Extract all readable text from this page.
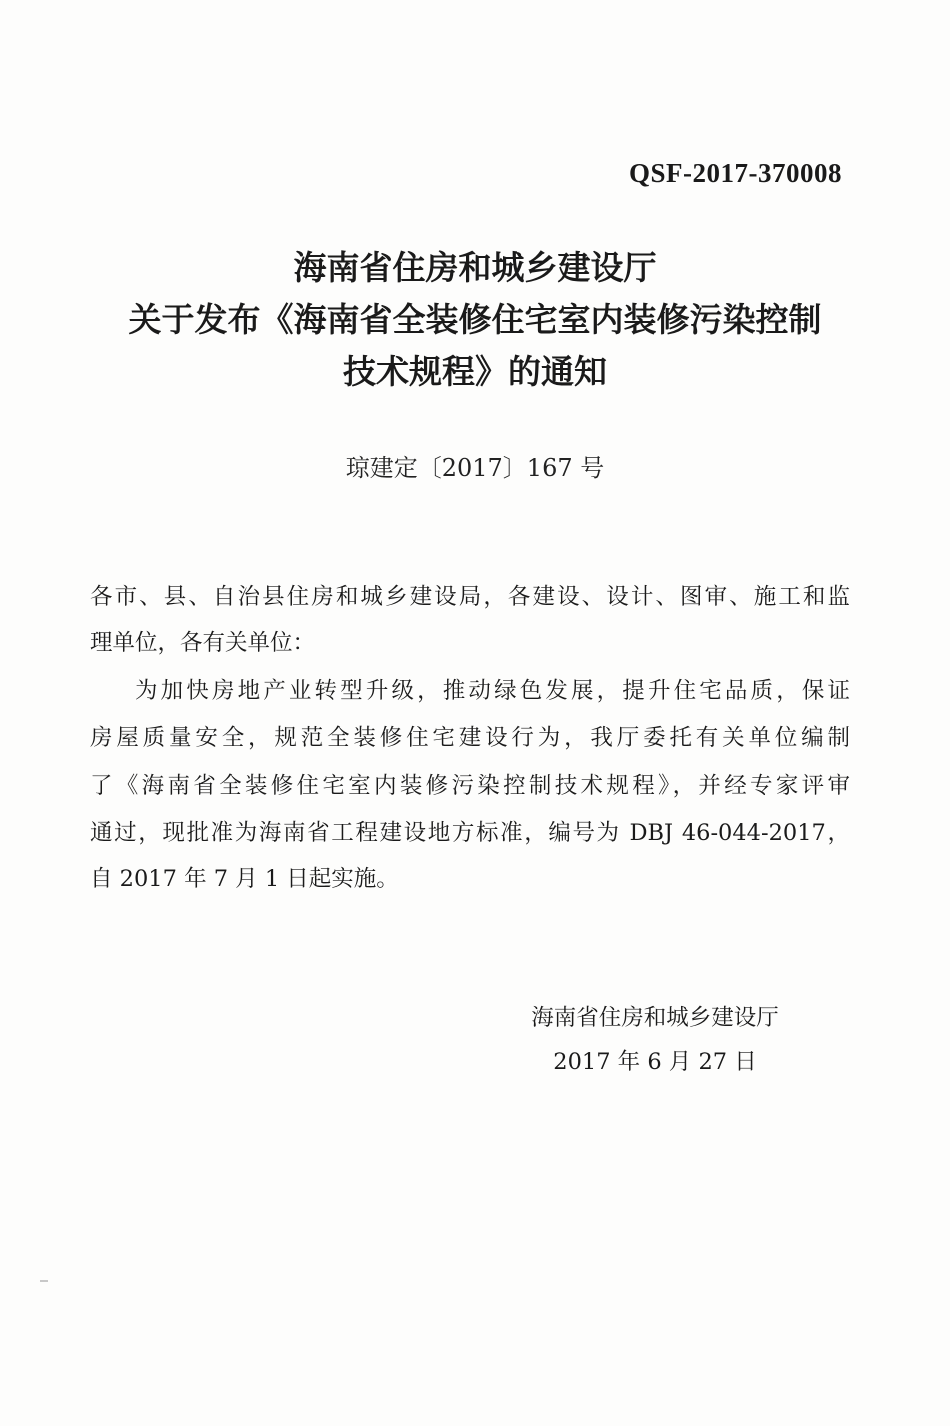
QSF-2017-370008
海南省住房和城乡建设厅
关于发布《海南省全装修住宅室内装修污染控制
技术规程》的通知
琼建定〔2017〕167 号
各市、县、自治县住房和城乡建设局，各建设、设计、图审、施工和监
理单位，各有关单位：
为加快房地产业转型升级，推动绿色发展，提升住宅品质，保证
房屋质量安全，规范全装修住宅建设行为，我厅委托有关单位编制
了《海南省全装修住宅室内装修污染控制技术规程》，并经专家评审
通过，现批准为海南省工程建设地方标准，编号为 DBJ 46-044-2017，
自 2017 年 7 月 1 日起实施。
海南省住房和城乡建设厅
2017 年 6 月 27 日
